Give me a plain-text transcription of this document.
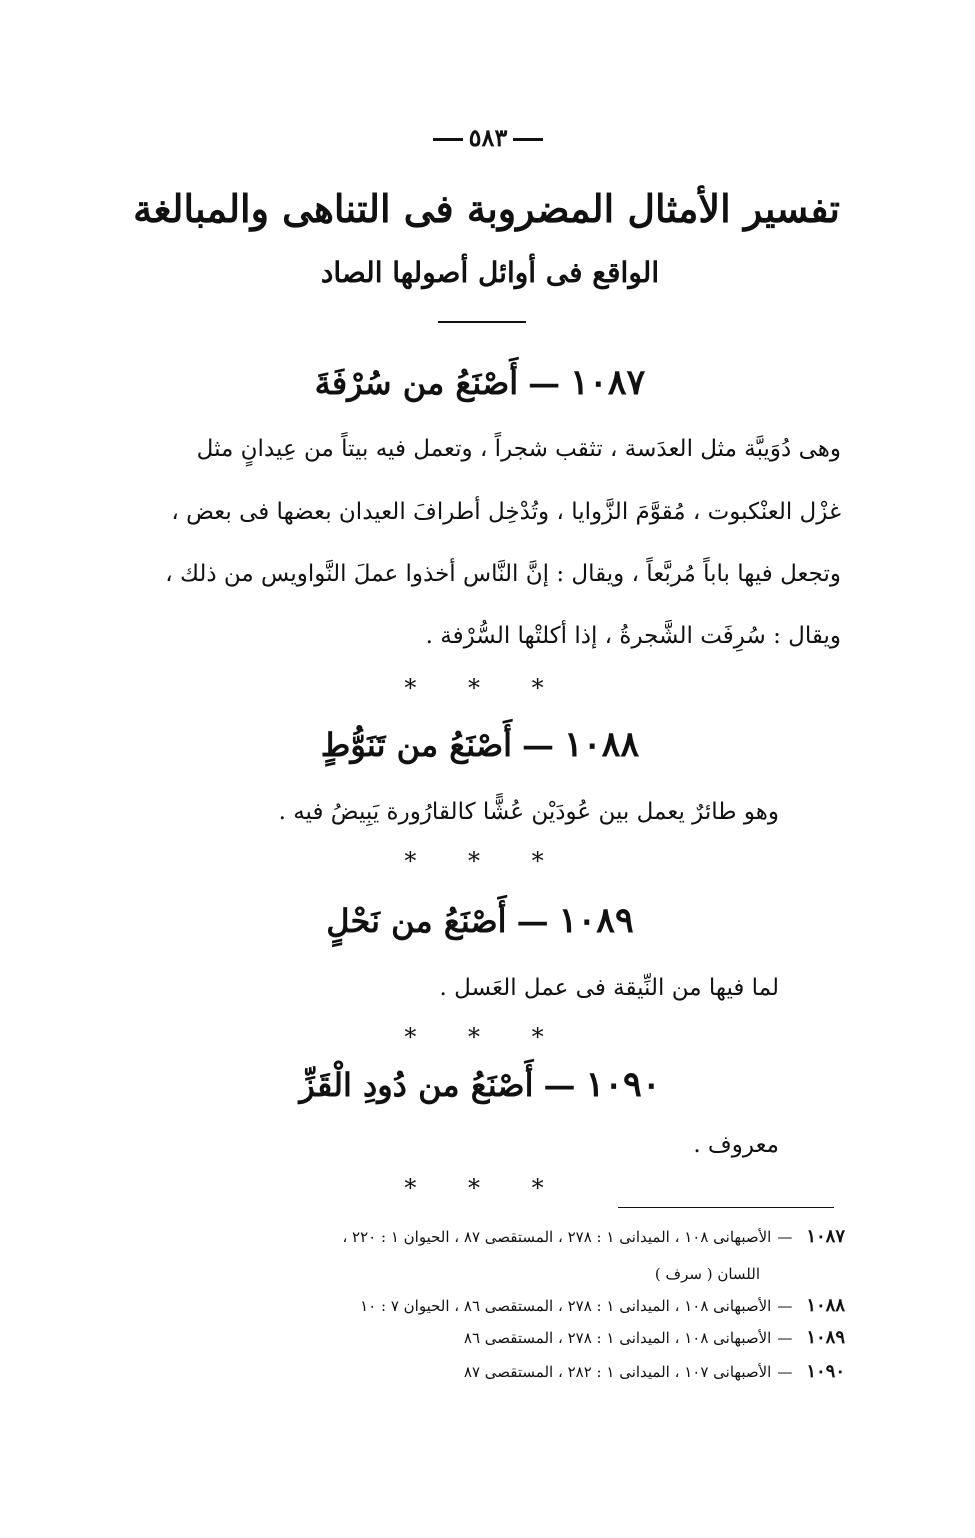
٥٨٣
تفسير الأمثال المضروبة فى التناهى والمبالغة
الواقع فى أوائل أصولها الصاد
١٠٨٧—أَصْنَعُ من سُرْفَةَ
وهى دُوَيبَّة مثل العدَسة ، تثقب شجراً ، وتعمل فيه بيتاً من عِيدانٍ مثل
غزْل العنْكبوت ، مُقوَّمَ الزَّوايا ، وتُدْخِل أطرافَ العيدان بعضها فى بعض ،
وتجعل فيها باباً مُربَّعاً ، ويقال : إنَّ النَّاس أخذوا عملَ النَّواويس من ذلك ،
ويقال : سُرِفَت الشَّجرةُ ، إذا أكلتْها السُّرْفة .
* * *
١٠٨٨—أَصْنَعُ من تَنَوُّطٍ
وهو طائرٌ يعمل بين عُودَيْن عُشًّا كالقارُورة يَبِيضُ فيه .
* * *
١٠٨٩—أَصْنَعُ من نَحْلٍ
لما فيها من النِّيقة فى عمل العَسل .
* * *
١٠٩٠—أَصْنَعُ من دُودِ الْقَزِّ
معروف .
* * *
١٠٨٧—الأصبهانى ١٠٨ ، الميدانى ١ : ٢٧٨ ، المستقصى ٨٧ ، الحيوان ١ : ٢٢٠ ،
اللسان ( سرف )
١٠٨٨—الأصبهانى ١٠٨ ، الميدانى ١ : ٢٧٨ ، المستقصى ٨٦ ، الحيوان ٧ : ١٠
١٠٨٩—الأصبهانى ١٠٨ ، الميدانى ١ : ٢٧٨ ، المستقصى ٨٦
١٠٩٠—الأصبهانى ١٠٧ ، الميدانى ١ : ٢٨٢ ، المستقصى ٨٧
